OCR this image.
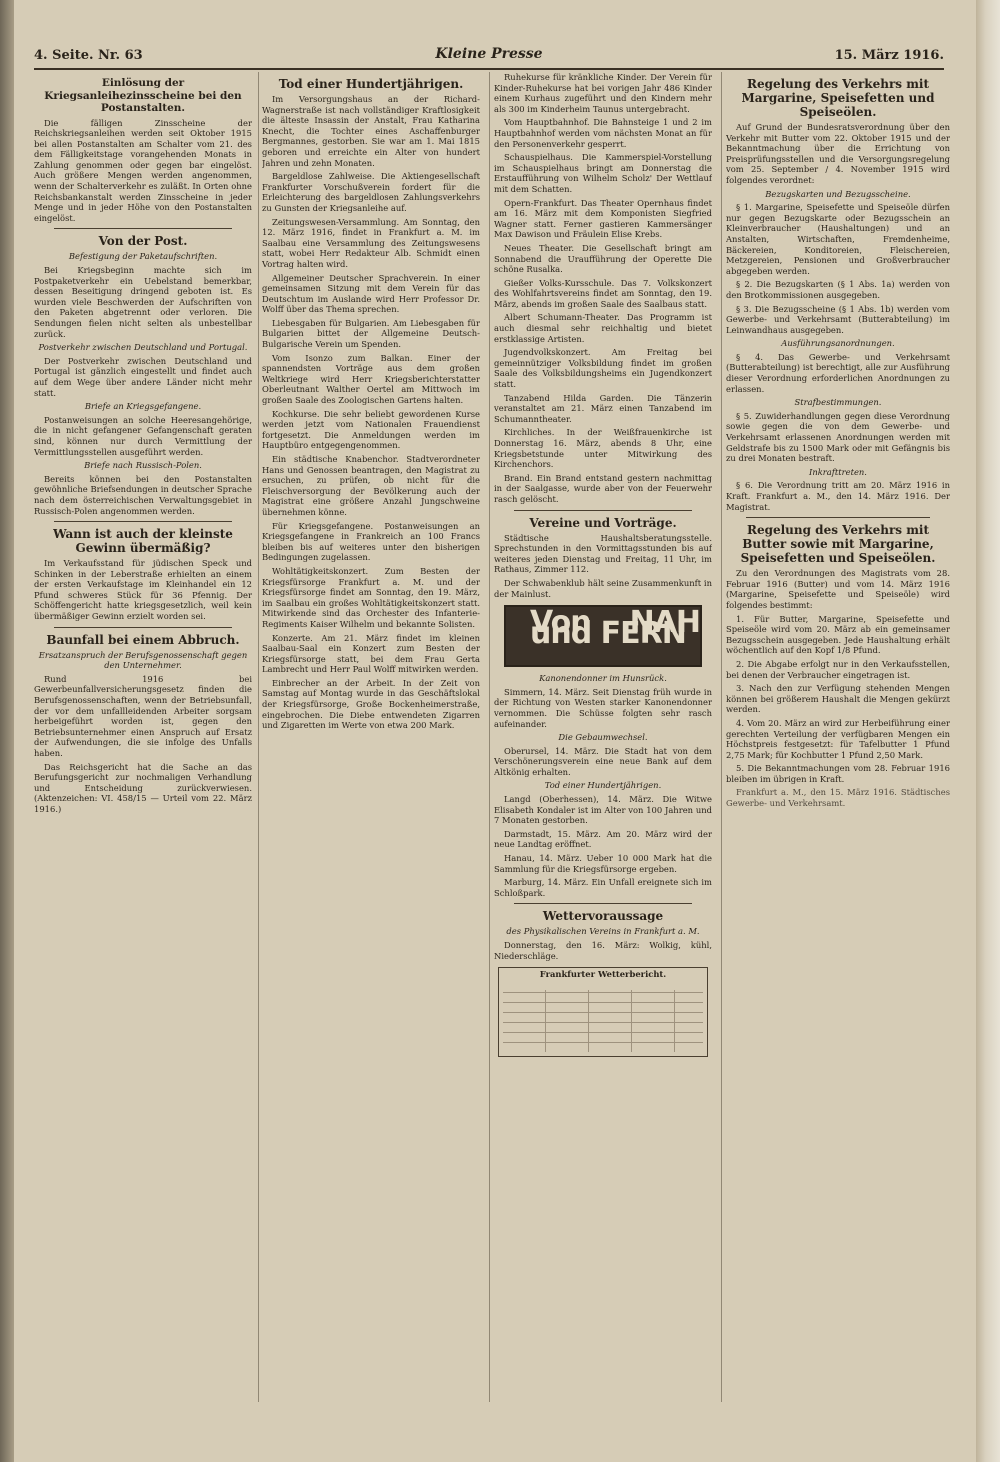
4. Seite. Nr. 63	Kleine Presse	15. März 1916.
Einlösung der Kriegsanleihezinsscheine bei den Postanstalten.

Die fälligen Zinsscheine der Reichskriegsanleihen werden seit Oktober 1915 bei allen Postanstalten am Schalter vom 21. des dem Fälligkeitstage vorangehenden Monats in Zahlung genommen oder gegen bar eingelöst. Auch größere Mengen werden angenommen, wenn der Schalterverkehr es zuläßt. In Orten ohne Reichsbankanstalt werden Zinsscheine in jeder Menge und in jeder Höhe von den Postanstalten eingelöst.

Von der Post.
Befestigung der Paketaufschriften.

Bei Kriegsbeginn machte sich im Postpaketverkehr ein Uebelstand bemerkbar, dessen Beseitigung dringend geboten ist. Es wurden viele Beschwerden der Aufschriften von den Paketen abgetrennt oder verloren. Die Sendungen fielen nicht selten als unbestellbar zurück.

Postverkehr zwischen Deutschland und Portugal.

Der Postverkehr zwischen Deutschland und Portugal ist gänzlich eingestellt und findet auch auf dem Wege über andere Länder nicht mehr statt.

Briefe an Kriegsgefangene.

Postanweisungen an solche Heeresangehörige, die in nicht gefangener Gefangenschaft geraten sind, können nur durch Vermittlung der Vermittlungsstellen ausgeführt werden.

Briefe nach Russisch-Polen.

Bereits können bei den Postanstalten gewöhnliche Briefsendungen in deutscher Sprache nach dem österreichischen Verwaltungsgebiet in Russisch-Polen angenommen werden.

Wann ist auch der kleinste Gewinn übermäßig?

Im Verkaufsstand für jüdischen Speck und Schinken in der Leberstraße erhielten an einem der ersten Verkaufstage im Kleinhandel ein 12 Pfund schweres Stück für 36 Pfennig. Der Schöffengericht hatte kriegsgesetzlich, weil kein übermäßiger Gewinn erzielt worden sei.

Baunfall bei einem Abbruch.
Ersatzanspruch der Berufsgenossenschaft gegen den Unternehmer.

Rund 1916 bei Gewerbeunfallversicherungsgesetz finden die Berufsgenossenschaften, wenn der Betriebsunfall, der vor dem unfallleidenden Arbeiter sorgsam herbeigeführt worden ist, gegen den Betriebsunternehmer einen Anspruch auf Ersatz der Aufwendungen, die sie infolge des Unfalls haben.

Das Reichsgericht hat die Sache an das Berufungsgericht zur nochmaligen Verhandlung und Entscheidung zurückverwiesen. (Aktenzeichen: VI. 458/15 — Urteil vom 22. März 1916.)

Tod einer Hundertjährigen.

Im Versorgungshaus an der Richard-Wagnerstraße ist nach vollständiger Kraftlosigkeit die älteste Insassin der Anstalt, Frau Katharina Knecht, die Tochter eines Aschaffenburger Bergmannes, gestorben. Sie war am 1. Mai 1815 geboren und erreichte ein Alter von hundert Jahren und zehn Monaten.

Bargeldlose Zahlweise. Die Aktiengesellschaft Frankfurter Vorschußverein fordert für die Erleichterung des bargeldlosen Zahlungsverkehrs zu Gunsten der Kriegsanleihe auf.

Zeitungswesen-Versammlung. Am Sonntag, den 12. März 1916, findet in Frankfurt a. M. im Saalbau eine Versammlung des Zeitungswesens statt, wobei Herr Redakteur Alb. Schmidt einen Vortrag halten wird.

Allgemeiner Deutscher Sprachverein. In einer gemeinsamen Sitzung mit dem Verein für das Deutschtum im Auslande wird Herr Professor Dr. Wolff über das Thema sprechen.

Liebesgaben für Bulgarien. Am Liebesgaben für Bulgarien bittet der Allgemeine Deutsch-Bulgarische Verein um Spenden.

Vom Isonzo zum Balkan. Einer der spannendsten Vorträge aus dem großen Weltkriege wird Herr Kriegsberichterstatter Oberleutnant Walther Oertel am Mittwoch im großen Saale des Zoologischen Gartens halten.

Kochkurse. Die sehr beliebt gewordenen Kurse werden jetzt vom Nationalen Frauendienst fortgesetzt. Die Anmeldungen werden im Hauptbüro entgegengenommen.

Ein städtische Knabenchor. Stadtverordneter Hans und Genossen beantragen, den Magistrat zu ersuchen, zu prüfen, ob nicht für die Fleischversorgung der Bevölkerung auch der Magistrat eine größere Anzahl Jungschweine übernehmen könne.

Für Kriegsgefangene. Postanweisungen an Kriegsgefangene in Frankreich an 100 Francs bleiben bis auf weiteres unter den bisherigen Bedingungen zugelassen.

Wohltätigkeitskonzert. Zum Besten der Kriegsfürsorge Frankfurt a. M. und der Kriegsfürsorge findet am Sonntag, den 19. März, im Saalbau ein großes Wohltätigkeitskonzert statt. Mitwirkende sind das Orchester des Infanterie-Regiments Kaiser Wilhelm und bekannte Solisten.

Konzerte. Am 21. März findet im kleinen Saalbau-Saal ein Konzert zum Besten der Kriegsfürsorge statt, bei dem Frau Gerta Lambrecht und Herr Paul Wolff mitwirken werden.

Einbrecher an der Arbeit. In der Zeit von Samstag auf Montag wurde in das Geschäftslokal der Kriegsfürsorge, Große Bockenheimerstraße, eingebrochen. Die Diebe entwendeten Zigarren und Zigaretten im Werte von etwa 200 Mark.

Ruhekurse für kränkliche Kinder. Der Verein für Kinder-Ruhekurse hat bei vorigen Jahr 486 Kinder einem Kurhaus zugeführt und den Kindern mehr als 300 im Kinderheim Taunus untergebracht.

Vom Hauptbahnhof. Die Bahnsteige 1 und 2 im Hauptbahnhof werden vom nächsten Monat an für den Personenverkehr gesperrt.

Schauspielhaus. Die Kammerspiel-Vorstellung im Schauspielhaus bringt am Donnerstag die Erstaufführung von Wilhelm Scholz' Der Wettlauf mit dem Schatten.

Opern-Frankfurt. Das Theater Opernhaus findet am 16. März mit dem Komponisten Siegfried Wagner statt. Ferner gastieren Kammersänger Max Dawison und Fräulein Elise Krebs.

Neues Theater. Die Gesellschaft bringt am Sonnabend die Uraufführung der Operette Die schöne Rusalka.

Gießer Volks-Kursschule. Das 7. Volkskonzert des Wohlfahrtsvereins findet am Sonntag, den 19. März, abends im großen Saale des Saalbaus statt.

Albert Schumann-Theater. Das Programm ist auch diesmal sehr reichhaltig und bietet erstklassige Artisten.

Jugendvolkskonzert. Am Freitag bei gemeinnütziger Volksbildung findet im großen Saale des Volksbildungsheims ein Jugendkonzert statt.

Tanzabend Hilda Garden. Die Tänzerin veranstaltet am 21. März einen Tanzabend im Schumanntheater.

Kirchliches. In der Weißfrauenkirche ist Donnerstag 16. März, abends 8 Uhr, eine Kriegsbetstunde unter Mitwirkung des Kirchenchors.

Brand. Ein Brand entstand gestern nachmittag in der Saalgasse, wurde aber von der Feuerwehr rasch gelöscht.

Vereine und Vorträge.

Städtische Haushaltsberatungsstelle. Sprechstunden in den Vormittagsstunden bis auf weiteres jeden Dienstag und Freitag, 11 Uhr, im Rathaus, Zimmer 112.

Der Schwabenklub hält seine Zusammenkunft in der Mainlust.

Von NAH und FERN
Kanonendonner im Hunsrück.

Simmern, 14. März. Seit Dienstag früh wurde in der Richtung von Westen starker Kanonendonner vernommen. Die Schüsse folgten sehr rasch aufeinander.

Die Gebaumwechsel.

Oberursel, 14. März. Die Stadt hat von dem Verschönerungsverein eine neue Bank auf dem Altkönig erhalten.

Tod einer Hundertjährigen.

Langd (Oberhessen), 14. März. Die Witwe Elisabeth Kondaler ist im Alter von 100 Jahren und 7 Monaten gestorben.

Darmstadt, 15. März. Am 20. März wird der neue Landtag eröffnet.

Hanau, 14. März. Ueber 10 000 Mark hat die Sammlung für die Kriegsfürsorge ergeben.

Marburg, 14. März. Ein Unfall ereignete sich im Schloßpark.

Wettervoraussage
des Physikalischen Vereins in Frankfurt a. M.

Donnerstag, den 16. März: Wolkig, kühl, Niederschläge.

Frankfurter Wetterbericht.
Regelung des Verkehrs mit Margarine, Speisefetten und Speiseölen.

Auf Grund der Bundesratsverordnung über den Verkehr mit Butter vom 22. Oktober 1915 und der Bekanntmachung über die Errichtung von Preisprüfungsstellen und die Versorgungsregelung vom 25. September / 4. November 1915 wird folgendes verordnet:

Bezugskarten und Bezugsscheine.

§ 1. Margarine, Speisefette und Speiseöle dürfen nur gegen Bezugskarte oder Bezugsschein an Kleinverbraucher (Haushaltungen) und an Anstalten, Wirtschaften, Fremdenheime, Bäckereien, Konditoreien, Fleischereien, Metzgereien, Pensionen und Großverbraucher abgegeben werden.

§ 2. Die Bezugskarten (§ 1 Abs. 1a) werden von den Brotkommissionen ausgegeben.

§ 3. Die Bezugsscheine (§ 1 Abs. 1b) werden vom Gewerbe- und Verkehrsamt (Butterabteilung) im Leinwandhaus ausgegeben.

Ausführungsanordnungen.

§ 4. Das Gewerbe- und Verkehrsamt (Butterabteilung) ist berechtigt, alle zur Ausführung dieser Verordnung erforderlichen Anordnungen zu erlassen.

Strafbestimmungen.

§ 5. Zuwiderhandlungen gegen diese Verordnung sowie gegen die von dem Gewerbe- und Verkehrsamt erlassenen Anordnungen werden mit Geldstrafe bis zu 1500 Mark oder mit Gefängnis bis zu drei Monaten bestraft.

Inkrafttreten.

§ 6. Die Verordnung tritt am 20. März 1916 in Kraft. Frankfurt a. M., den 14. März 1916. Der Magistrat.

Regelung des Verkehrs mit Butter sowie mit Margarine, Speisefetten und Speiseölen.

Zu den Verordnungen des Magistrats vom 28. Februar 1916 (Butter) und vom 14. März 1916 (Margarine, Speisefette und Speiseöle) wird folgendes bestimmt:

1. Für Butter, Margarine, Speisefette und Speiseöle wird vom 20. März ab ein gemeinsamer Bezugsschein ausgegeben. Jede Haushaltung erhält wöchentlich auf den Kopf 1/8 Pfund.

2. Die Abgabe erfolgt nur in den Verkaufsstellen, bei denen der Verbraucher eingetragen ist.

3. Nach den zur Verfügung stehenden Mengen können bei größerem Haushalt die Mengen gekürzt werden.

4. Vom 20. März an wird zur Herbeiführung einer gerechten Verteilung der verfügbaren Mengen ein Höchstpreis festgesetzt: für Tafelbutter 1 Pfund 2,75 Mark; für Kochbutter 1 Pfund 2,50 Mark.

5. Die Bekanntmachungen vom 28. Februar 1916 bleiben im übrigen in Kraft.

Frankfurt a. M., den 15. März 1916. Städtisches Gewerbe- und Verkehrsamt.
